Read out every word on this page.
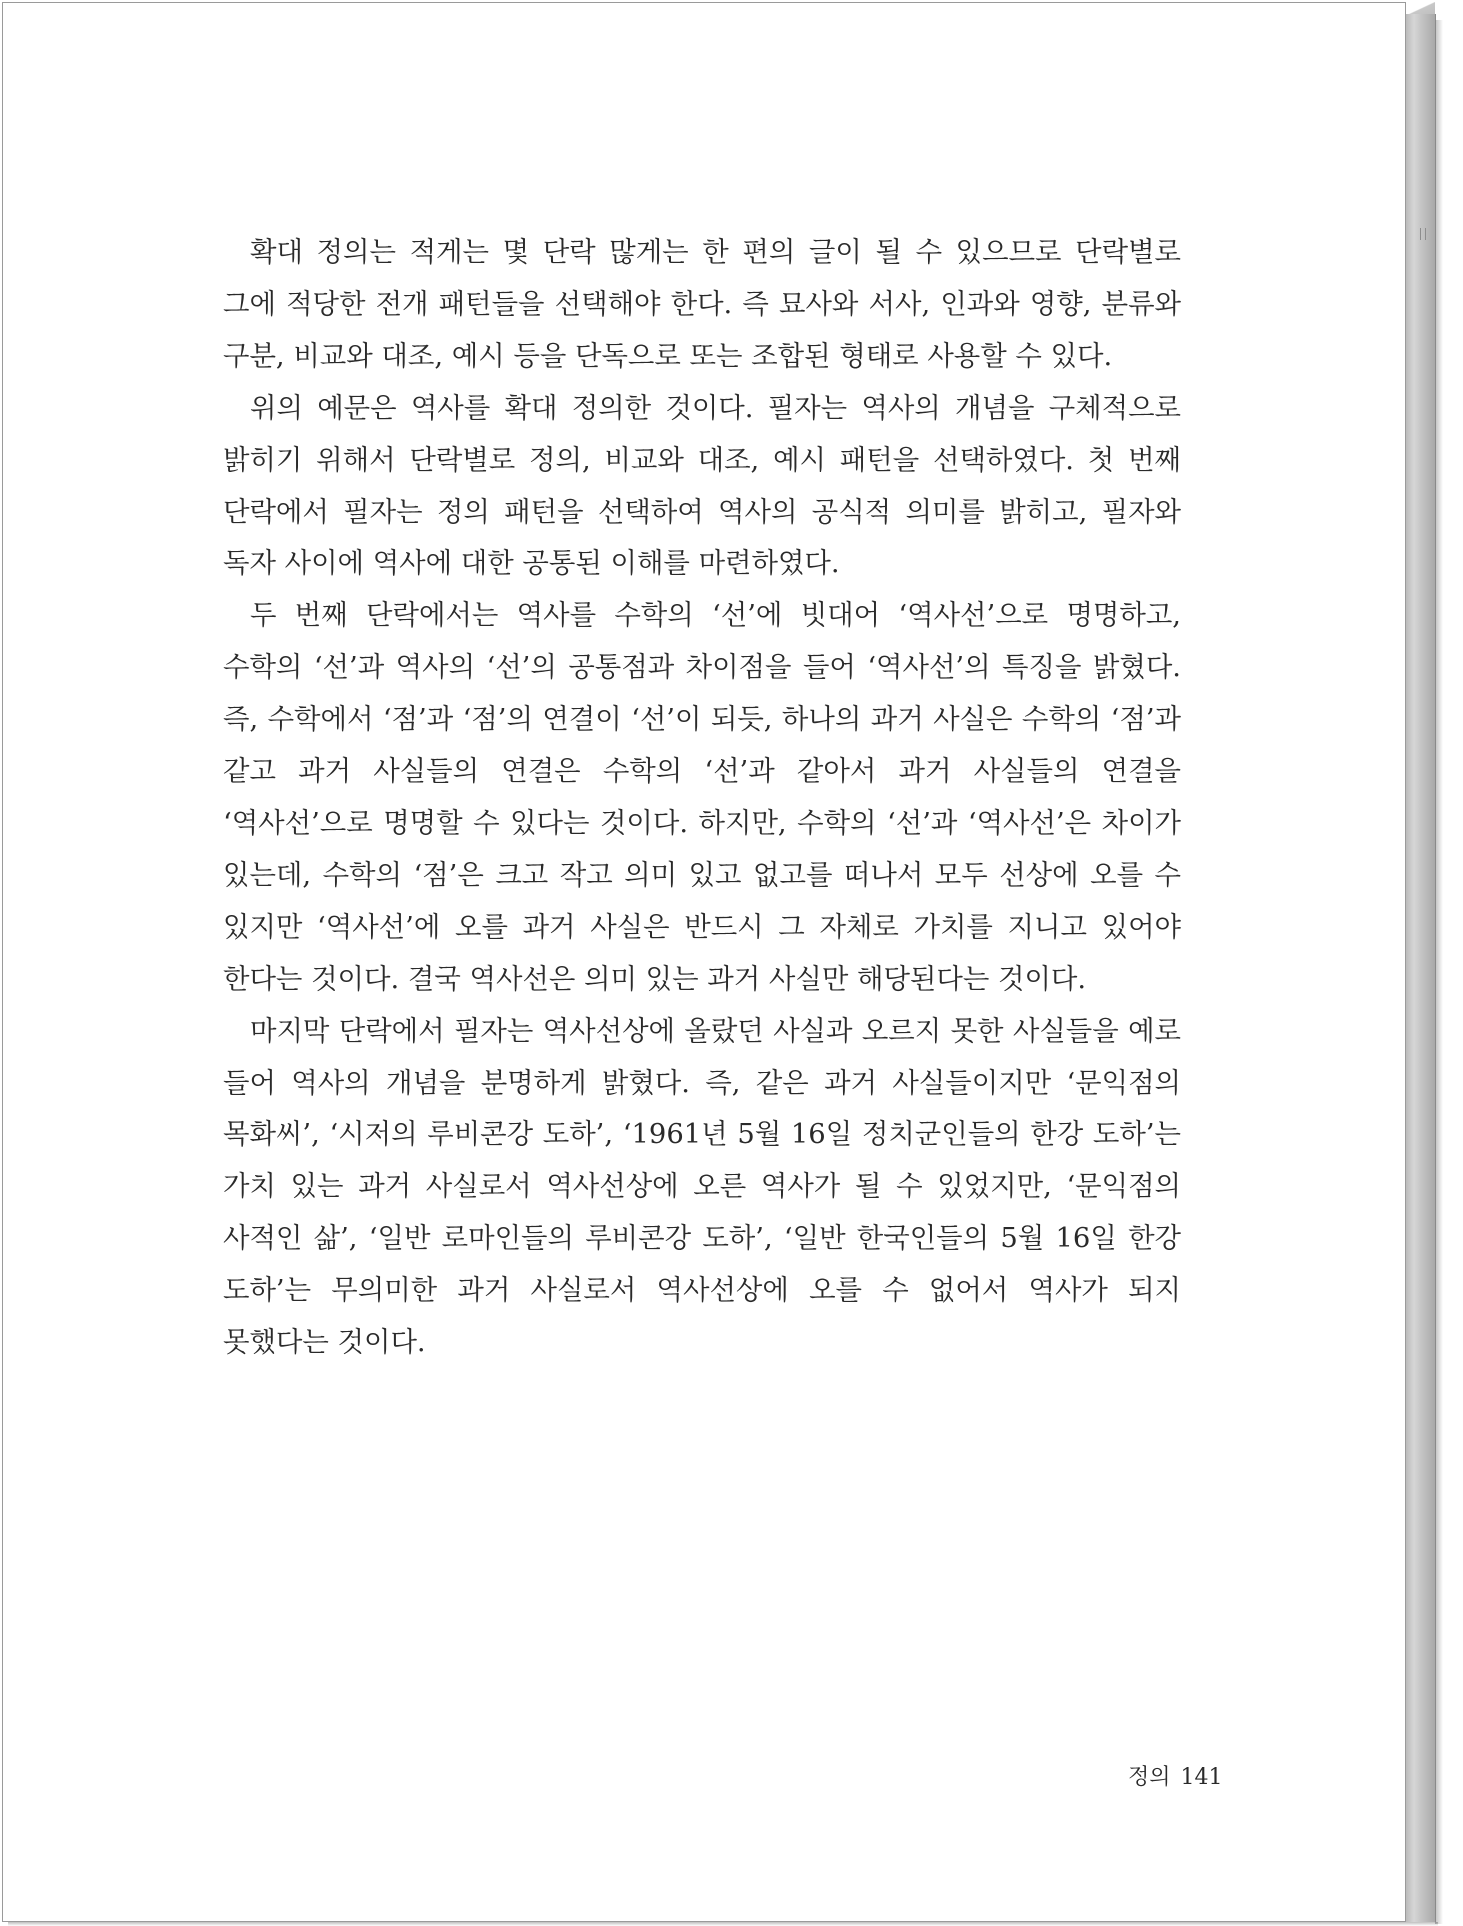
확대 정의는 적게는 몇 단락 많게는 한 편의 글이 될 수 있으므로 단락별로 그에 적당한 전개 패턴들을 선택해야 한다. 즉 묘사와 서사, 인과와 영향, 분류와 구분, 비교와 대조, 예시 등을 단독으로 또는 조합된 형태로 사용할 수 있다.

위의 예문은 역사를 확대 정의한 것이다. 필자는 역사의 개념을 구체적으로 밝히기 위해서 단락별로 정의, 비교와 대조, 예시 패턴을 선택하였다. 첫 번째 단락에서 필자는 정의 패턴을 선택하여 역사의 공식적 의미를 밝히고, 필자와 독자 사이에 역사에 대한 공통된 이해를 마련하였다.

두 번째 단락에서는 역사를 수학의 ‘선’에 빗대어 ‘역사선’으로 명명하고, 수학의 ‘선’과 역사의 ‘선’의 공통점과 차이점을 들어 ‘역사선’의 특징을 밝혔다. 즉, 수학에서 ‘점’과 ‘점’의 연결이 ‘선’이 되듯, 하나의 과거 사실은 수학의 ‘점’과 같고 과거 사실들의 연결은 수학의 ‘선’과 같아서 과거 사실들의 연결을 ‘역사선’으로 명명할 수 있다는 것이다. 하지만, 수학의 ‘선’과 ‘역사선’은 차이가 있는데, 수학의 ‘점’은 크고 작고 의미 있고 없고를 떠나서 모두 선상에 오를 수 있지만 ‘역사선’에 오를 과거 사실은 반드시 그 자체로 가치를 지니고 있어야 한다는 것이다. 결국 역사선은 의미 있는 과거 사실만 해당된다는 것이다.

마지막 단락에서 필자는 역사선상에 올랐던 사실과 오르지 못한 사실들을 예로 들어 역사의 개념을 분명하게 밝혔다. 즉, 같은 과거 사실들이지만 ‘문익점의 목화씨’, ‘시저의 루비콘강 도하’, ‘1961년 5월 16일 정치군인들의 한강 도하’는 가치 있는 과거 사실로서 역사선상에 오른 역사가 될 수 있었지만, ‘문익점의 사적인 삶’, ‘일반 로마인들의 루비콘강 도하’, ‘일반 한국인들의 5월 16일 한강 도하’는 무의미한 과거 사실로서 역사선상에 오를 수 없어서 역사가 되지 못했다는 것이다.

정의 141
